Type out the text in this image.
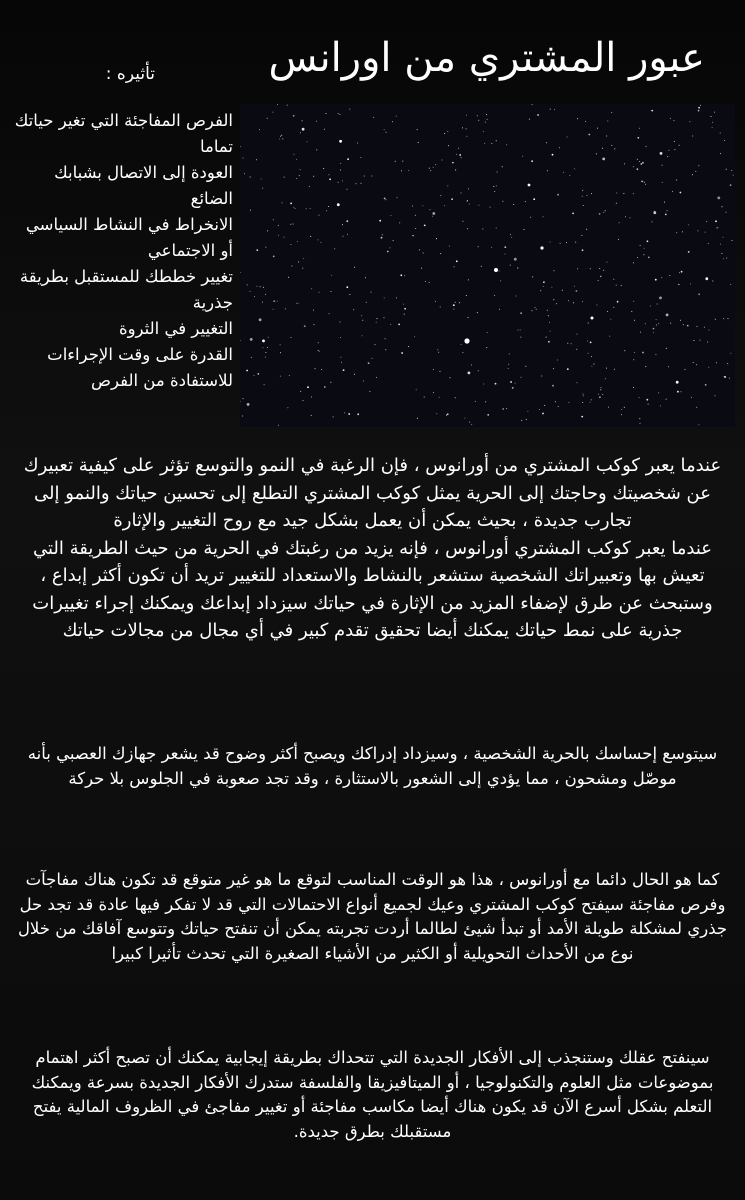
عبور المشتري من اورانس
تأثيره :
الفرص المفاجئة التي تغير حياتك تماما
العودة إلى الاتصال بشبابك الضائع
الانخراط في النشاط السياسي أو الاجتماعي
تغيير خططك للمستقبل بطريقة جذرية
التغيير في الثروة
القدرة على وقت الإجراءات للاستفادة من الفرص

عندما يعبر كوكب المشتري من أورانوس ، فإن الرغبة في النمو والتوسع تؤثر على كيفية تعبيرك عن شخصيتك وحاجتك إلى الحرية يمثل كوكب المشتري التطلع إلى تحسين حياتك والنمو إلى تجارب جديدة ، بحيث يمكن أن يعمل بشكل جيد مع روح التغيير والإثارة

عندما يعبر كوكب المشتري أورانوس ، فإنه يزيد من رغبتك في الحرية من حيث الطريقة التي تعيش بها وتعبيراتك الشخصية ستشعر بالنشاط والاستعداد للتغيير تريد أن تكون أكثر إبداع ، وستبحث عن طرق لإضفاء المزيد من الإثارة في حياتك سيزداد إبداعك ويمكنك إجراء تغييرات جذرية على نمط حياتك يمكنك أيضا تحقيق تقدم كبير في أي مجال من مجالات حياتك

سيتوسع إحساسك بالحرية الشخصية ، وسيزداد إدراكك ويصبح أكثر وضوح قد يشعر جهازك العصبي بأنه موصّل ومشحون ، مما يؤدي إلى الشعور بالاستثارة ، وقد تجد صعوبة في الجلوس بلا حركة

كما هو الحال دائما مع أورانوس ، هذا هو الوقت المناسب لتوقع ما هو غير متوقع قد تكون هناك مفاجآت وفرص مفاجئة سيفتح كوكب المشتري وعيك لجميع أنواع الاحتمالات التي قد لا تفكر فيها عادة قد تجد حل جذري لمشكلة طويلة الأمد أو تبدأ شيئ لطالما أردت تجربته يمكن أن تنفتح حياتك وتتوسع آفاقك من خلال نوع من الأحداث التحويلية أو الكثير من الأشياء الصغيرة التي تحدث تأثيرا كبيرا

سينفتح عقلك وستنجذب إلى الأفكار الجديدة التي تتحداك بطريقة إيجابية يمكنك أن تصبح أكثر اهتمام بموضوعات مثل العلوم والتكنولوجيا ، أو الميتافيزيقا والفلسفة ستدرك الأفكار الجديدة بسرعة ويمكنك التعلم بشكل أسرع الآن قد يكون هناك أيضا مكاسب مفاجئة أو تغيير مفاجئ في الظروف المالية يفتح مستقبلك بطرق جديدة.
